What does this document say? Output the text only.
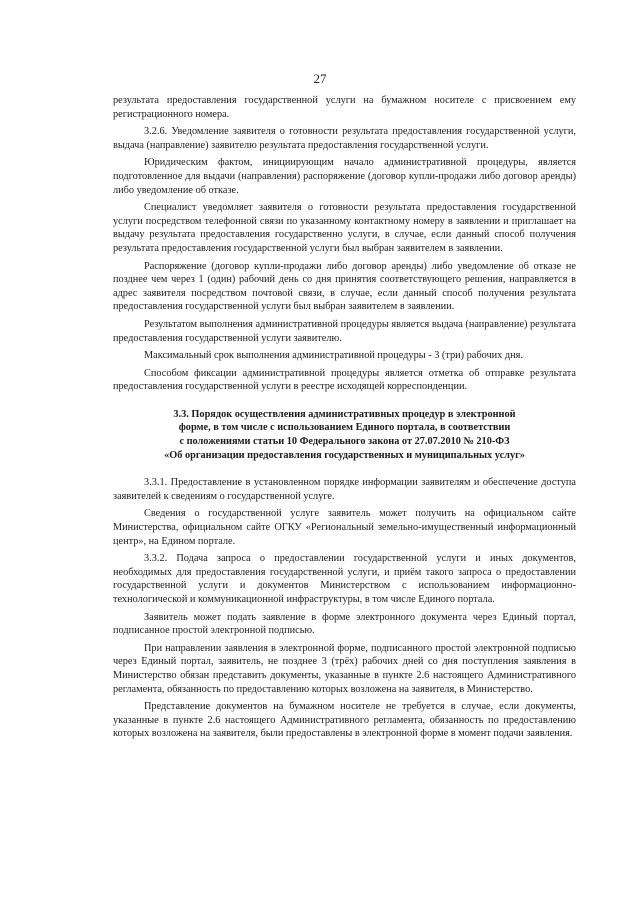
27

результата предоставления государственной услуги на бумажном носителе с присвоением ему регистрационного номера.

3.2.6. Уведомление заявителя о готовности результата предоставления государственной услуги, выдача (направление) заявителю результата предоставления государственной услуги.

Юридическим фактом, инициирующим начало административной процедуры, является подготовленное для выдачи (направления) распоряжение (договор купли-продажи либо договор аренды) либо уведомление об отказе.

Специалист уведомляет заявителя о готовности результата предоставления государственной услуги посредством телефонной связи по указанному контактному номеру в заявлении и приглашает на выдачу результата предоставления государственно услуги, в случае, если данный способ получения результата предоставления государственной услуги был выбран заявителем в заявлении.

Распоряжение (договор купли-продажи либо договор аренды) либо уведомление об отказе не позднее чем через 1 (один) рабочий день со дня принятия соответствующего решения, направляется в адрес заявителя посредством почтовой связи, в случае, если данный способ получения результата предоставления государственной услуги был выбран заявителем в заявлении.

Результатом выполнения административной процедуры является выдача (направление) результата предоставления государственной услуги заявителю.

Максимальный срок выполнения административной процедуры - 3 (три) рабочих дня.

Способом фиксации административной процедуры является отметка об отправке результата предоставления государственной услуги в реестре исходящей корреспонденции.

3.3. Порядок осуществления административных процедур в электронной

форме, в том числе с использованием Единого портала, в соответствии

с положениями статьи 10 Федерального закона от 27.07.2010 № 210-ФЗ

«Об организации предоставления государственных и муниципальных услуг»

3.3.1. Предоставление в установленном порядке информации заявителям и обеспечение доступа заявителей к сведениям о государственной услуге.

Сведения о государственной услуге заявитель может получить на официальном сайте Министерства, официальном сайте ОГКУ «Региональный земельно-имущественный информационный центр», на Едином портале.

3.3.2. Подача запроса о предоставлении государственной услуги и иных документов, необходимых для предоставления государственной услуги, и приём такого запроса о предоставлении государственной услуги и документов Министерством с использованием информационно-технологической и коммуникационной инфраструктуры, в том числе Единого портала.

Заявитель может подать заявление в форме электронного документа через Единый портал, подписанное простой электронной подписью.

При направлении заявления в электронной форме, подписанного простой электронной подписью через Единый портал, заявитель, не позднее 3 (трёх) рабочих дней со дня поступления заявления в Министерство обязан представить документы, указанные в пункте 2.6 настоящего Административного регламента, обязанность по предоставлению которых возложена на заявителя, в Министерство.

Представление документов на бумажном носителе не требуется в случае, если документы, указанные в пункте 2.6 настоящего Административного регламента, обязанность по предоставлению которых возложена на заявителя, были предоставлены в электронной форме в момент подачи заявления.
